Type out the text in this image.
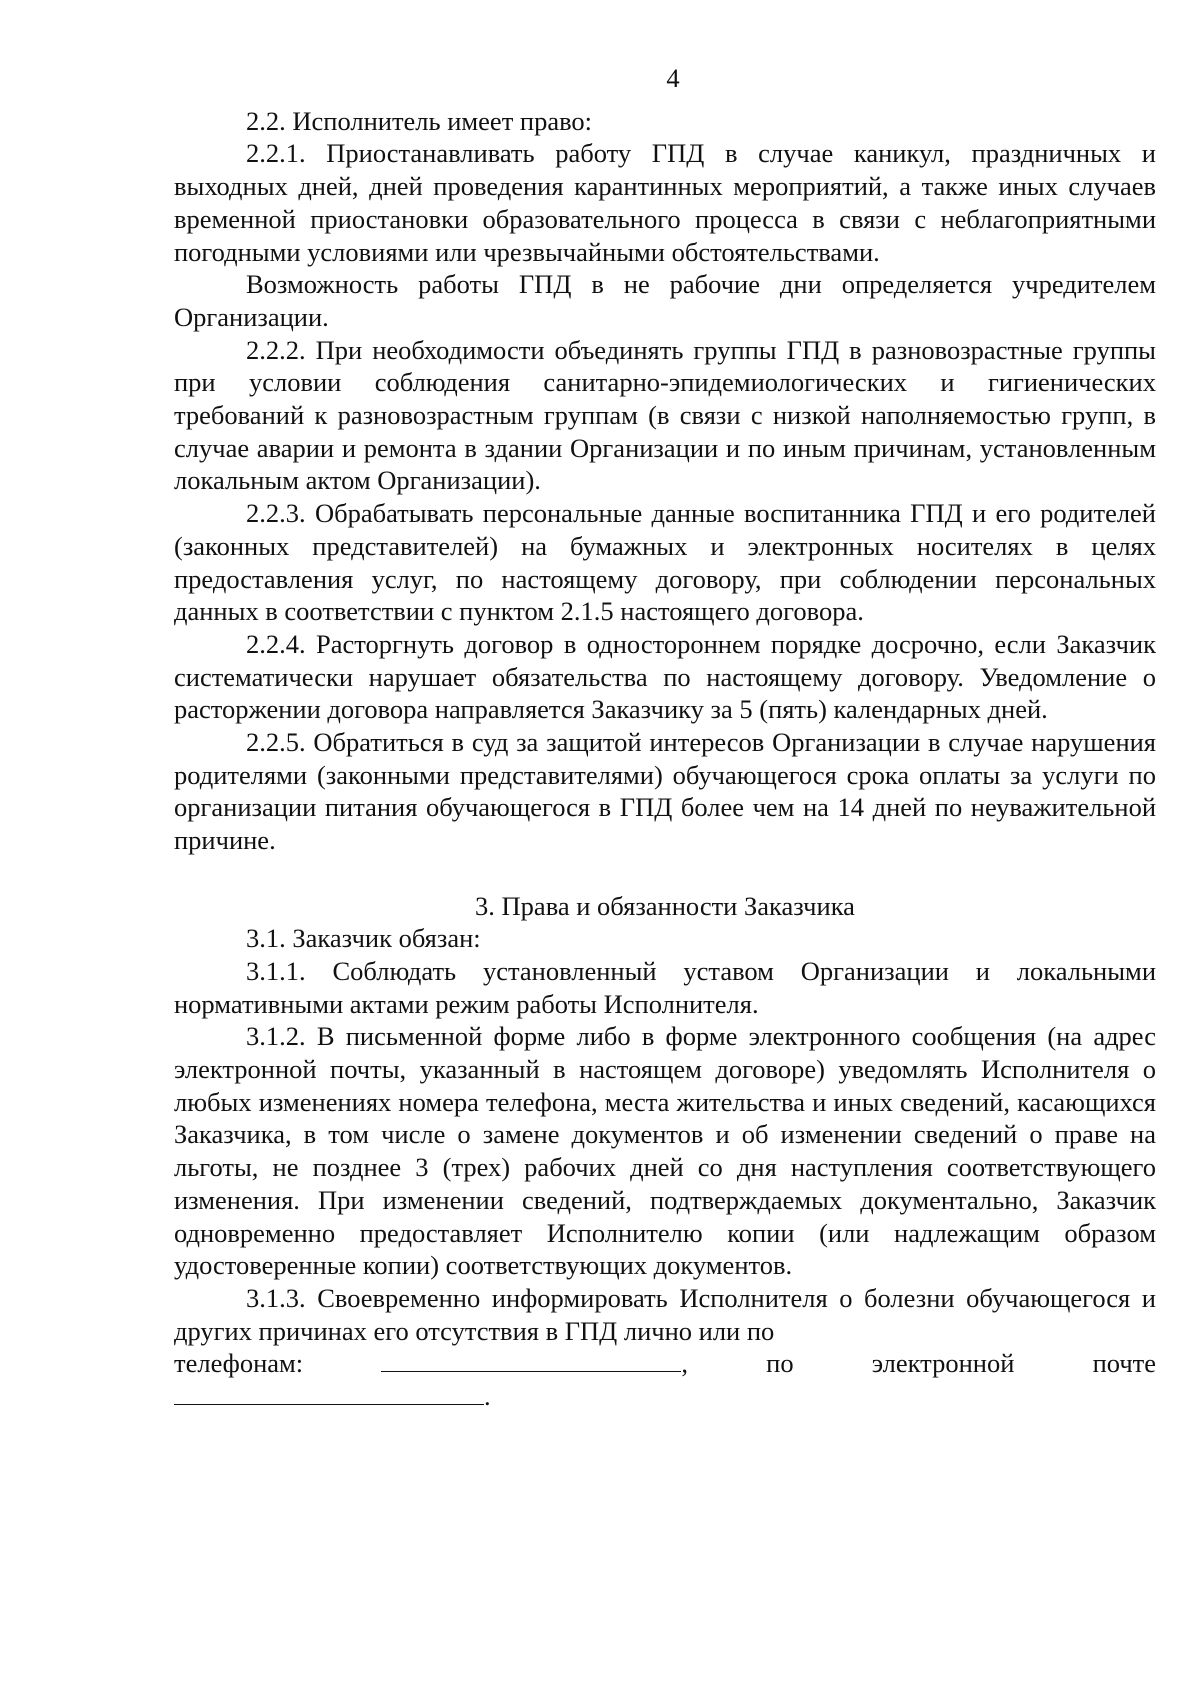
4

2.2. Исполнитель имеет право:

2.2.1. Приостанавливать работу ГПД в случае каникул, праздничных и выходных дней, дней проведения карантинных мероприятий, а также иных случаев временной приостановки образовательного процесса в связи с неблагоприятными погодными условиями или чрезвычайными обстоятельствами.

Возможность работы ГПД в не рабочие дни определяется учредителем Организации.

2.2.2. При необходимости объединять группы ГПД в разновозрастные группы при условии соблюдения санитарно-эпидемиологических и гигиенических требований к разновозрастным группам (в связи с низкой наполняемостью групп, в случае аварии и ремонта в здании Организации и по иным причинам, установленным локальным актом Организации).

2.2.3. Обрабатывать персональные данные воспитанника ГПД и его родителей (законных представителей) на бумажных и электронных носителях в целях предоставления услуг, по настоящему договору, при соблюдении персональных данных в соответствии с пунктом 2.1.5 настоящего договора.

2.2.4. Расторгнуть договор в одностороннем порядке досрочно, если Заказчик систематически нарушает обязательства по настоящему договору. Уведомление о расторжении договора направляется Заказчику за 5 (пять) календарных дней.

2.2.5. Обратиться в суд за защитой интересов Организации в случае нарушения родителями (законными представителями) обучающегося срока оплаты за услуги по организации питания обучающегося в ГПД более чем на 14 дней по неуважительной причине.

3. Права и обязанности Заказчика

3.1. Заказчик обязан:

3.1.1. Соблюдать установленный уставом Организации и локальными нормативными актами режим работы Исполнителя.

3.1.2. В письменной форме либо в форме электронного сообщения (на адрес электронной почты, указанный в настоящем договоре) уведомлять Исполнителя о любых изменениях номера телефона, места жительства и иных сведений, касающихся Заказчика, в том числе о замене документов и об изменении сведений о праве на льготы, не позднее 3 (трех) рабочих дней со дня наступления соответствующего изменения. При изменении сведений, подтверждаемых документально, Заказчик одновременно предоставляет Исполнителю копии (или надлежащим образом удостоверенные копии) соответствующих документов.

3.1.3. Своевременно информировать Исполнителя о болезни обучающегося и других причинах его отсутствия в ГПД лично или по

телефонам:	,	по электронной почте

.
